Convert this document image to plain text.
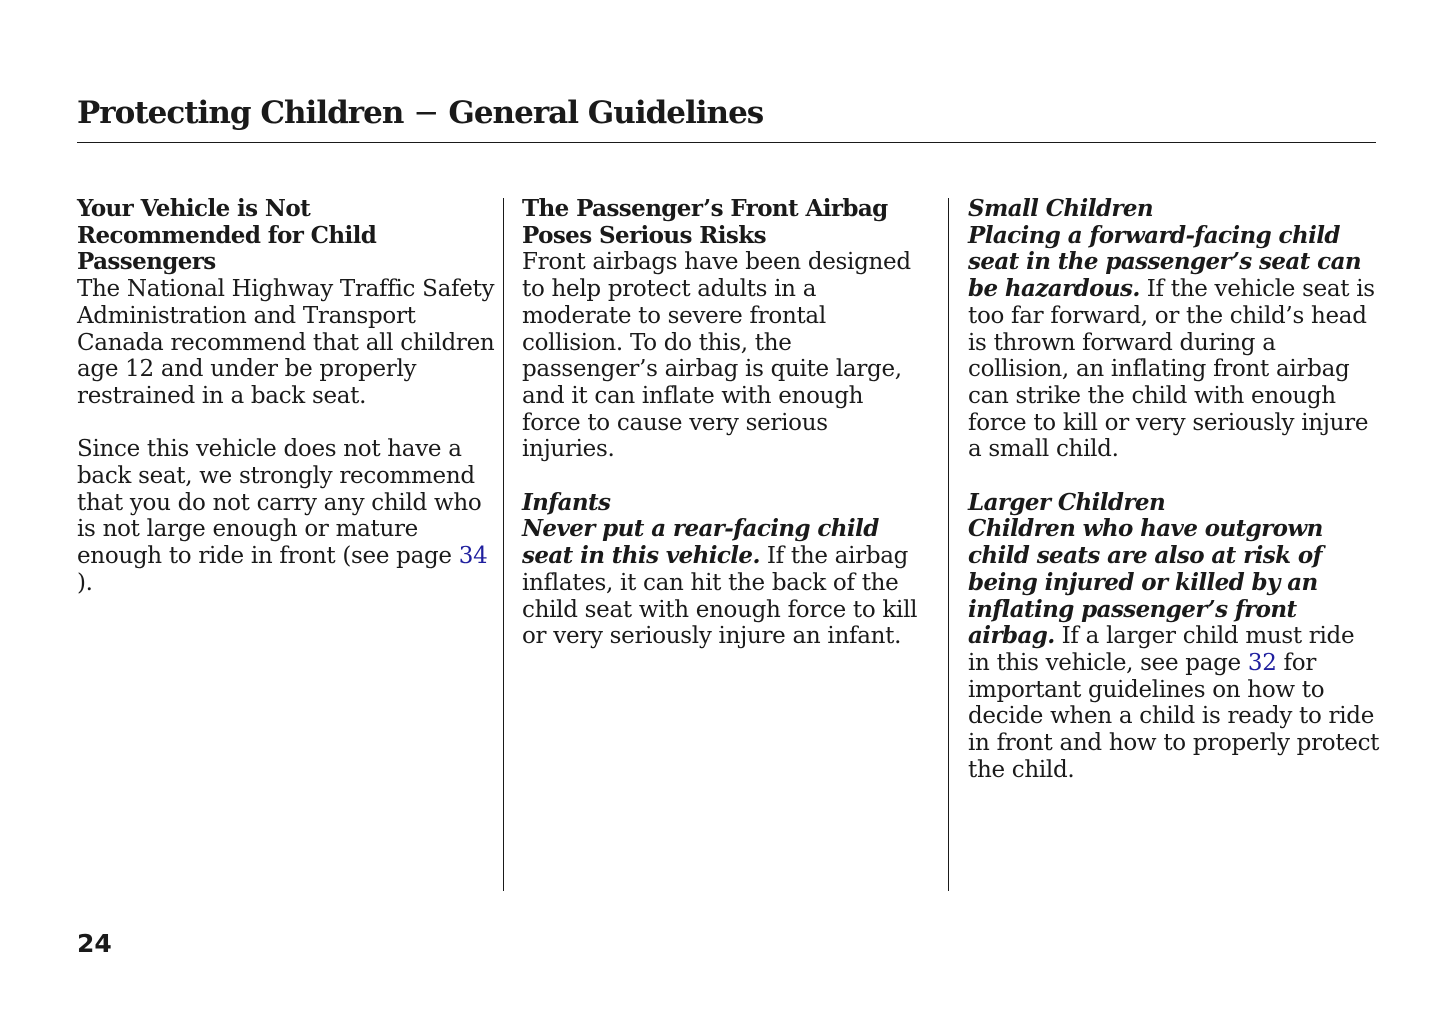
Protecting Children − General Guidelines
Your Vehicle is Not Recommended for Child Passengers

The National Highway Traffic Safety Administration and Transport Canada recommend that all children age 12 and under be properly restrained in a back seat.

Since this vehicle does not have a back seat, we strongly recommend that you do not carry any child who is not large enough or mature enough to ride in front (see page 34 ).

The Passenger’s Front Airbag Poses Serious Risks

Front airbags have been designed to help protect adults in a moderate to severe frontal collision. To do this, the passenger’s airbag is quite large, and it can inflate with enough force to cause very serious injuries.

Infants

Never put a rear-facing child seat in this vehicle. If the airbag inflates, it can hit the back of the child seat with enough force to kill or very seriously injure an infant.

Small Children

Placing a forward-facing child seat in the passenger’s seat can be hazardous. If the vehicle seat is too far forward, or the child’s head is thrown forward during a collision, an inflating front airbag can strike the child with enough force to kill or very seriously injure a small child.

Larger Children

Children who have outgrown child seats are also at risk of being injured or killed by an inflating passenger’s front airbag. If a larger child must ride in this vehicle, see page 32 for important guidelines on how to decide when a child is ready to ride in front and how to properly protect the child.

24
